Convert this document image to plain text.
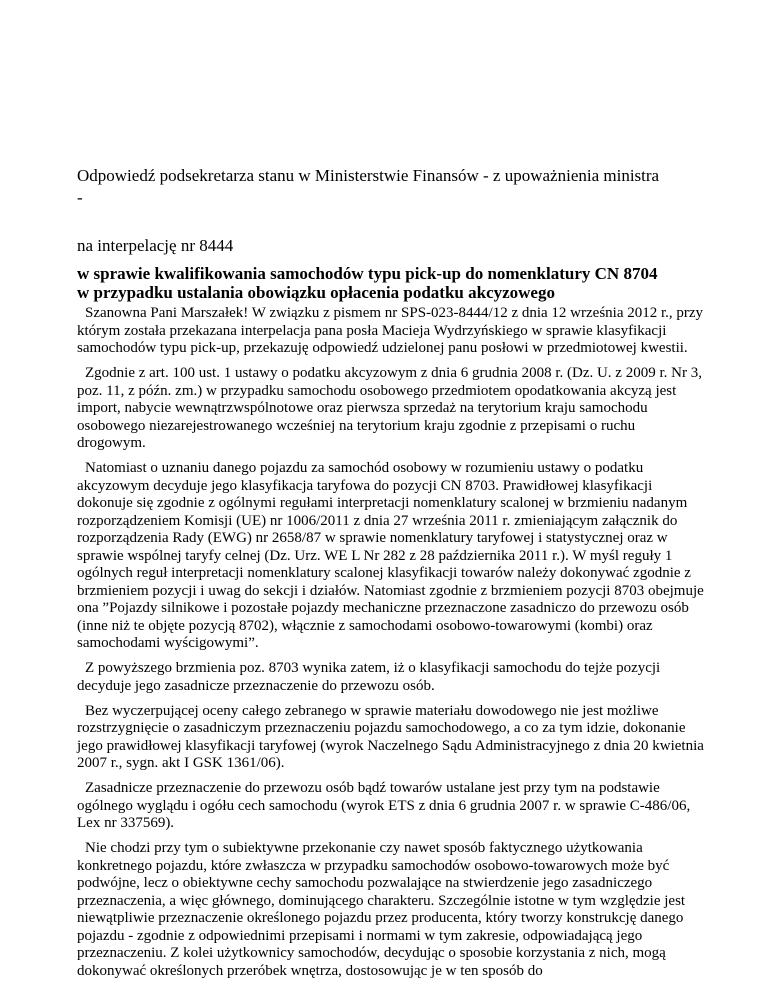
Odpowiedź podsekretarza stanu w Ministerstwie Finansów - z upoważnienia ministra
-
na interpelację nr 8444
w sprawie kwalifikowania samochodów typu pick-up do nomenklatury CN 8704
w przypadku ustalania obowiązku opłacenia podatku akcyzowego

Szanowna Pani Marszałek! W związku z pismem nr SPS-023-8444/12 z dnia 12 września 2012 r., przy którym została przekazana interpelacja pana posła Macieja Wydrzyńskiego w sprawie klasyfikacji samochodów typu pick-up, przekazuję odpowiedź udzielonej panu posłowi w przedmiotowej kwestii.

Zgodnie z art. 100 ust. 1 ustawy o podatku akcyzowym z dnia 6 grudnia 2008 r. (Dz. U. z 2009 r. Nr 3, poz. 11, z późn. zm.) w przypadku samochodu osobowego przedmiotem opodatkowania akcyzą jest import, nabycie wewnątrzwspólnotowe oraz pierwsza sprzedaż na terytorium kraju samochodu osobowego niezarejestrowanego wcześniej na terytorium kraju zgodnie z przepisami o ruchu drogowym.

Natomiast o uznaniu danego pojazdu za samochód osobowy w rozumieniu ustawy o podatku akcyzowym decyduje jego klasyfikacja taryfowa do pozycji CN 8703. Prawidłowej klasyfikacji dokonuje się zgodnie z ogólnymi regułami interpretacji nomenklatury scalonej w brzmieniu nadanym rozporządzeniem Komisji (UE) nr 1006/2011 z dnia 27 września 2011 r. zmieniającym załącznik do rozporządzenia Rady (EWG) nr 2658/87 w sprawie nomenklatury taryfowej i statystycznej oraz w sprawie wspólnej taryfy celnej (Dz. Urz. WE L Nr 282 z 28 października 2011 r.). W myśl reguły 1 ogólnych reguł interpretacji nomenklatury scalonej klasyfikacji towarów należy dokonywać zgodnie z brzmieniem pozycji i uwag do sekcji i działów. Natomiast zgodnie z brzmieniem pozycji 8703 obejmuje ona ”Pojazdy silnikowe i pozostałe pojazdy mechaniczne przeznaczone zasadniczo do przewozu osób (inne niż te objęte pozycją 8702), włącznie z samochodami osobowo-towarowymi (kombi) oraz samochodami wyścigowymi”.

Z powyższego brzmienia poz. 8703 wynika zatem, iż o klasyfikacji samochodu do tejże pozycji decyduje jego zasadnicze przeznaczenie do przewozu osób.

Bez wyczerpującej oceny całego zebranego w sprawie materiału dowodowego nie jest możliwe rozstrzygnięcie o zasadniczym przeznaczeniu pojazdu samochodowego, a co za tym idzie, dokonanie jego prawidłowej klasyfikacji taryfowej (wyrok Naczelnego Sądu Administracyjnego z dnia 20 kwietnia 2007 r., sygn. akt I GSK 1361/06).

Zasadnicze przeznaczenie do przewozu osób bądź towarów ustalane jest przy tym na podstawie ogólnego wyglądu i ogółu cech samochodu (wyrok ETS z dnia 6 grudnia 2007 r. w sprawie C-486/06, Lex nr 337569).

Nie chodzi przy tym o subiektywne przekonanie czy nawet sposób faktycznego użytkowania konkretnego pojazdu, które zwłaszcza w przypadku samochodów osobowo-towarowych może być podwójne, lecz o obiektywne cechy samochodu pozwalające na stwierdzenie jego zasadniczego przeznaczenia, a więc głównego, dominującego charakteru. Szczególnie istotne w tym względzie jest niewątpliwie przeznaczenie określonego pojazdu przez producenta, który tworzy konstrukcję danego pojazdu - zgodnie z odpowiednimi przepisami i normami w tym zakresie, odpowiadającą jego przeznaczeniu. Z kolei użytkownicy samochodów, decydując o sposobie korzystania z nich, mogą dokonywać określonych przeróbek wnętrza, dostosowując je w ten sposób do
